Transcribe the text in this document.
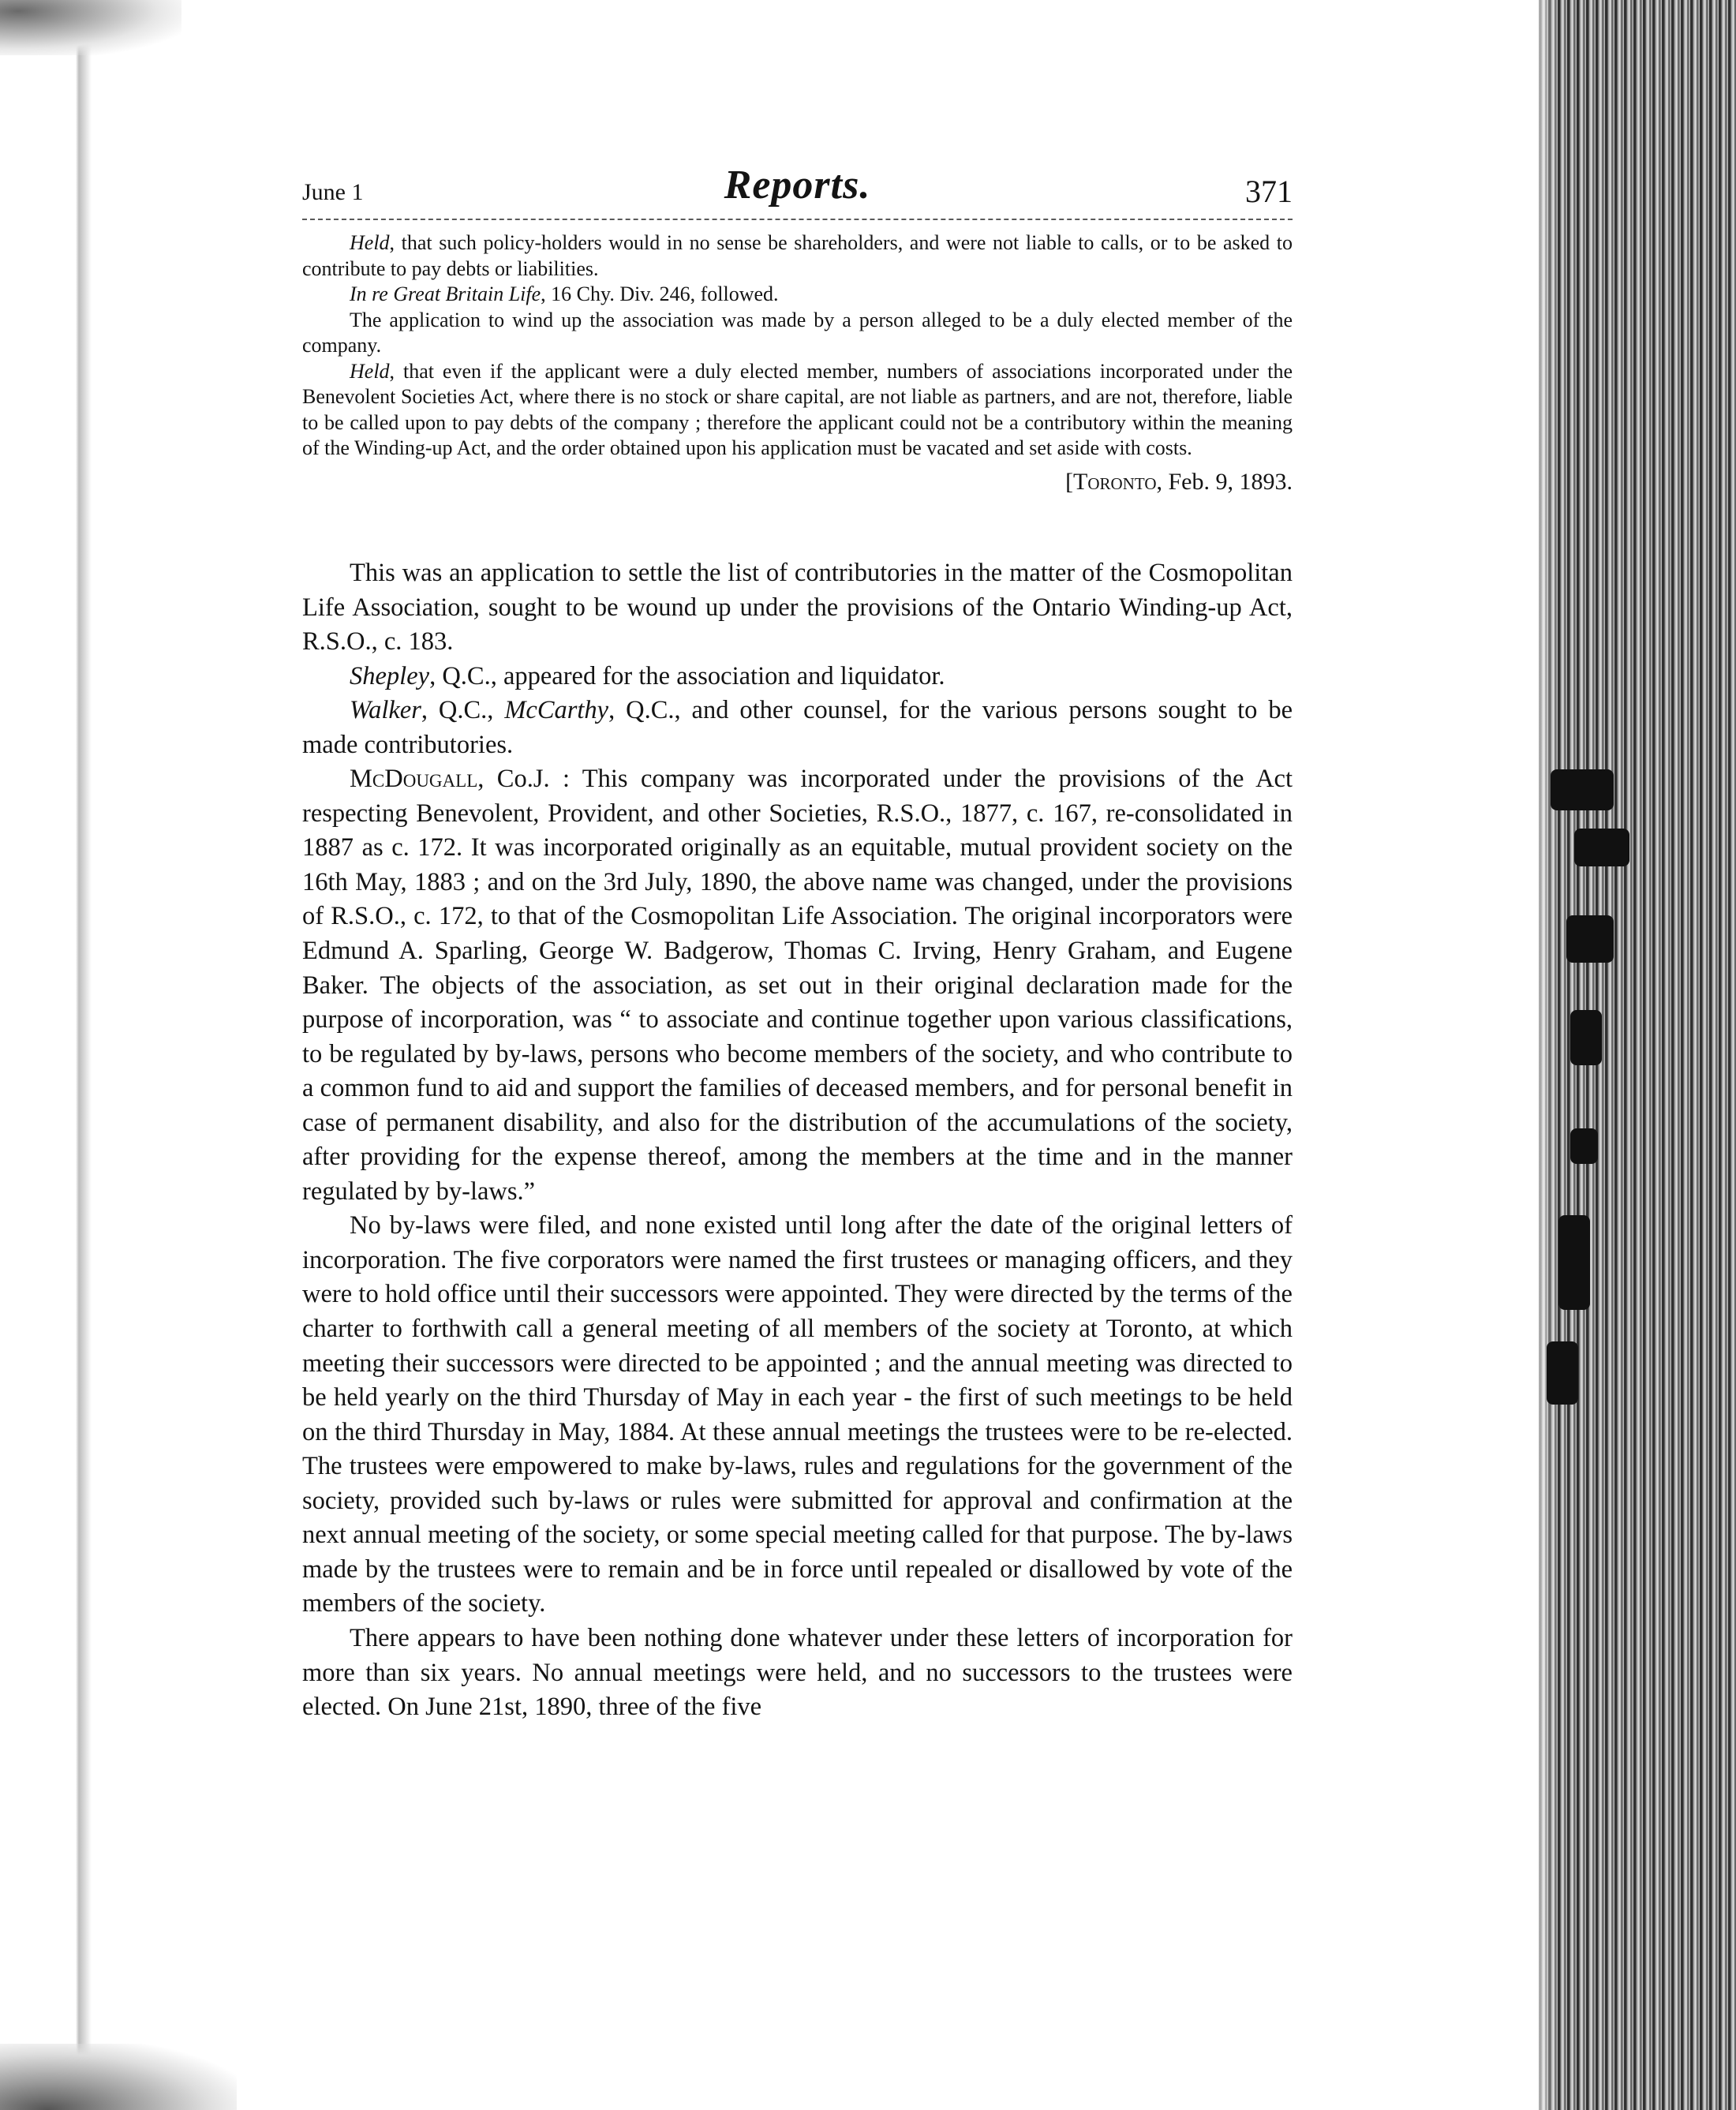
June 1	Reports.	371

Held, that such policy-holders would in no sense be shareholders, and were not liable to calls, or to be asked to contribute to pay debts or liabilities.

In re Great Britain Life, 16 Chy. Div. 246, followed.

The application to wind up the association was made by a person alleged to be a duly elected member of the company.

Held, that even if the applicant were a duly elected member, numbers of associations incorporated under the Benevolent Societies Act, where there is no stock or share capital, are not liable as partners, and are not, therefore, liable to be called upon to pay debts of the company ; therefore the applicant could not be a contributory within the meaning of the Winding-up Act, and the order obtained upon his application must be vacated and set aside with costs.

[Toronto, Feb. 9, 1893.

This was an application to settle the list of contributories in the matter of the Cosmopolitan Life Association, sought to be wound up under the provisions of the Ontario Winding-up Act, R.S.O., c. 183.

Shepley, Q.C., appeared for the association and liquidator.

Walker, Q.C., McCarthy, Q.C., and other counsel, for the various persons sought to be made contributories.

McDougall, Co.J. : This company was incorporated under the provisions of the Act respecting Benevolent, Provident, and other Societies, R.S.O., 1877, c. 167, re-consolidated in 1887 as c. 172. It was incorporated originally as an equitable, mutual provident society on the 16th May, 1883 ; and on the 3rd July, 1890, the above name was changed, under the provisions of R.S.O., c. 172, to that of the Cosmopolitan Life Association. The original incorporators were Edmund A. Sparling, George W. Badgerow, Thomas C. Irving, Henry Graham, and Eugene Baker. The objects of the association, as set out in their original declaration made for the purpose of incorporation, was “ to associate and continue together upon various classifications, to be regulated by by-laws, persons who become members of the society, and who contribute to a common fund to aid and support the families of deceased members, and for personal benefit in case of permanent disability, and also for the distribution of the accumulations of the society, after providing for the expense thereof, among the members at the time and in the manner regulated by by-laws.”

No by-laws were filed, and none existed until long after the date of the original letters of incorporation. The five corporators were named the first trustees or managing officers, and they were to hold office until their successors were appointed. They were directed by the terms of the charter to forthwith call a general meeting of all members of the society at Toronto, at which meeting their successors were directed to be appointed ; and the annual meeting was directed to be held yearly on the third Thursday of May in each year - the first of such meetings to be held on the third Thursday in May, 1884. At these annual meetings the trustees were to be re-elected. The trustees were empowered to make by-laws, rules and regulations for the government of the society, provided such by-laws or rules were submitted for approval and confirmation at the next annual meeting of the society, or some special meeting called for that purpose. The by-laws made by the trustees were to remain and be in force until repealed or disallowed by vote of the members of the society.

There appears to have been nothing done whatever under these letters of incorporation for more than six years. No annual meetings were held, and no successors to the trustees were elected. On June 21st, 1890, three of the five
